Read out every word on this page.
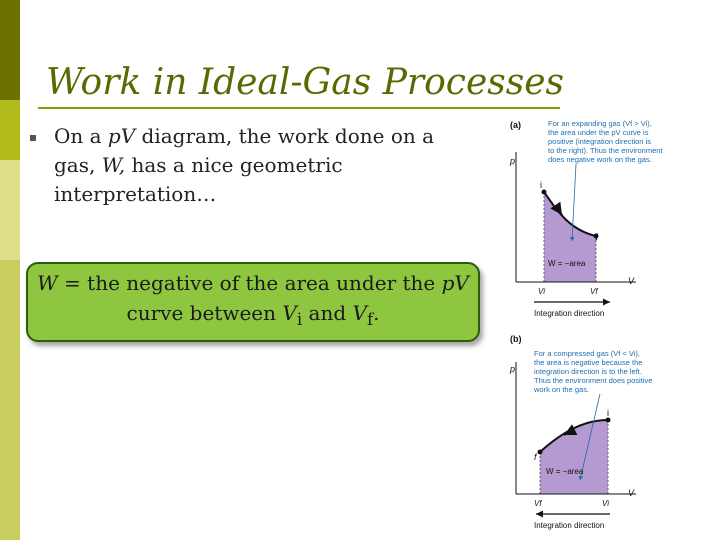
Work in Ideal-Gas Processes
On a pV diagram, the work done on a gas, W, has a nice geometric interpretation…
W = the negative of the area under the pV
curve between $V_i$ and $V_f$.
(a)	For an expanding gas (Vf > Vi),
the area under the pV curve is
positive (integration direction is
to the right). Thus the environment
does negative work on the gas.
i
f
p
V
W = −area
Vi	Vf
Integration direction
(b)
For a compressed gas (Vf < Vi),
the area is negative because the
integration direction is to the left.
Thus the environment does positive
work on the gas.
i
f
p
V
W = −area
Vf	Vi
Integration direction
